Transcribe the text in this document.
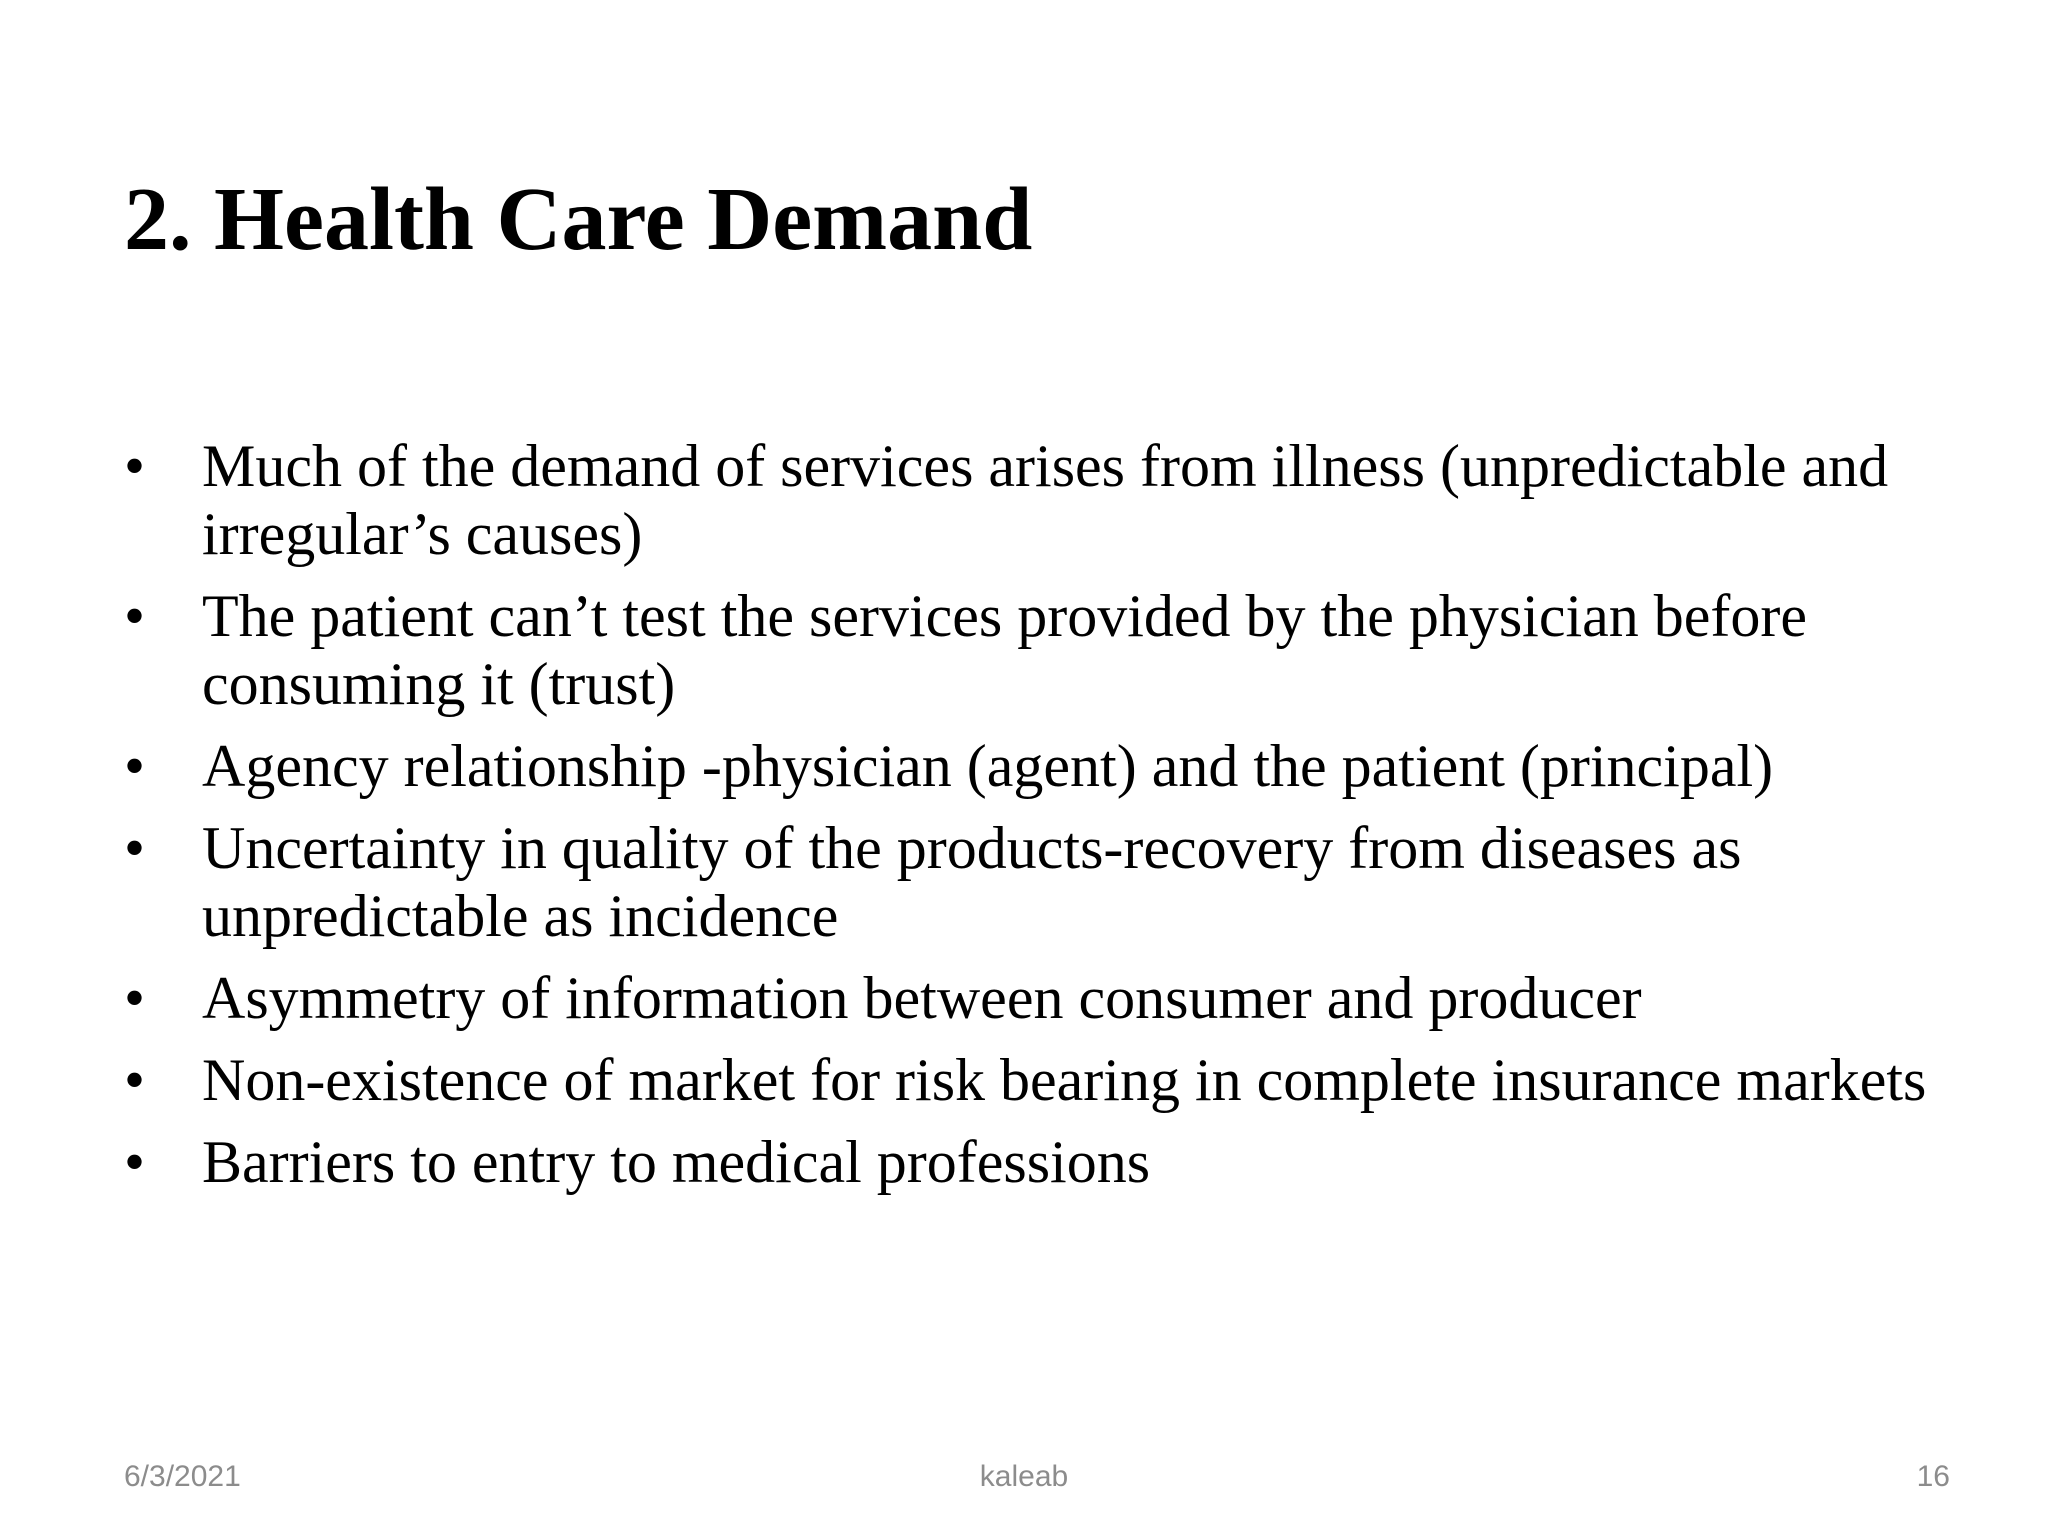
2. Health Care Demand
• Much of the demand of services arises from illness (unpredictable and irregular’s causes)
• The patient can’t test the services provided by the physician before consuming it (trust)
• Agency relationship -physician (agent) and the patient (principal)
• Uncertainty in quality of the products-recovery from diseases as unpredictable as incidence
• Asymmetry of information between consumer and producer
• Non-existence of market for risk bearing in complete insurance markets
• Barriers to entry to medical professions
6/3/2021	kaleab	16
